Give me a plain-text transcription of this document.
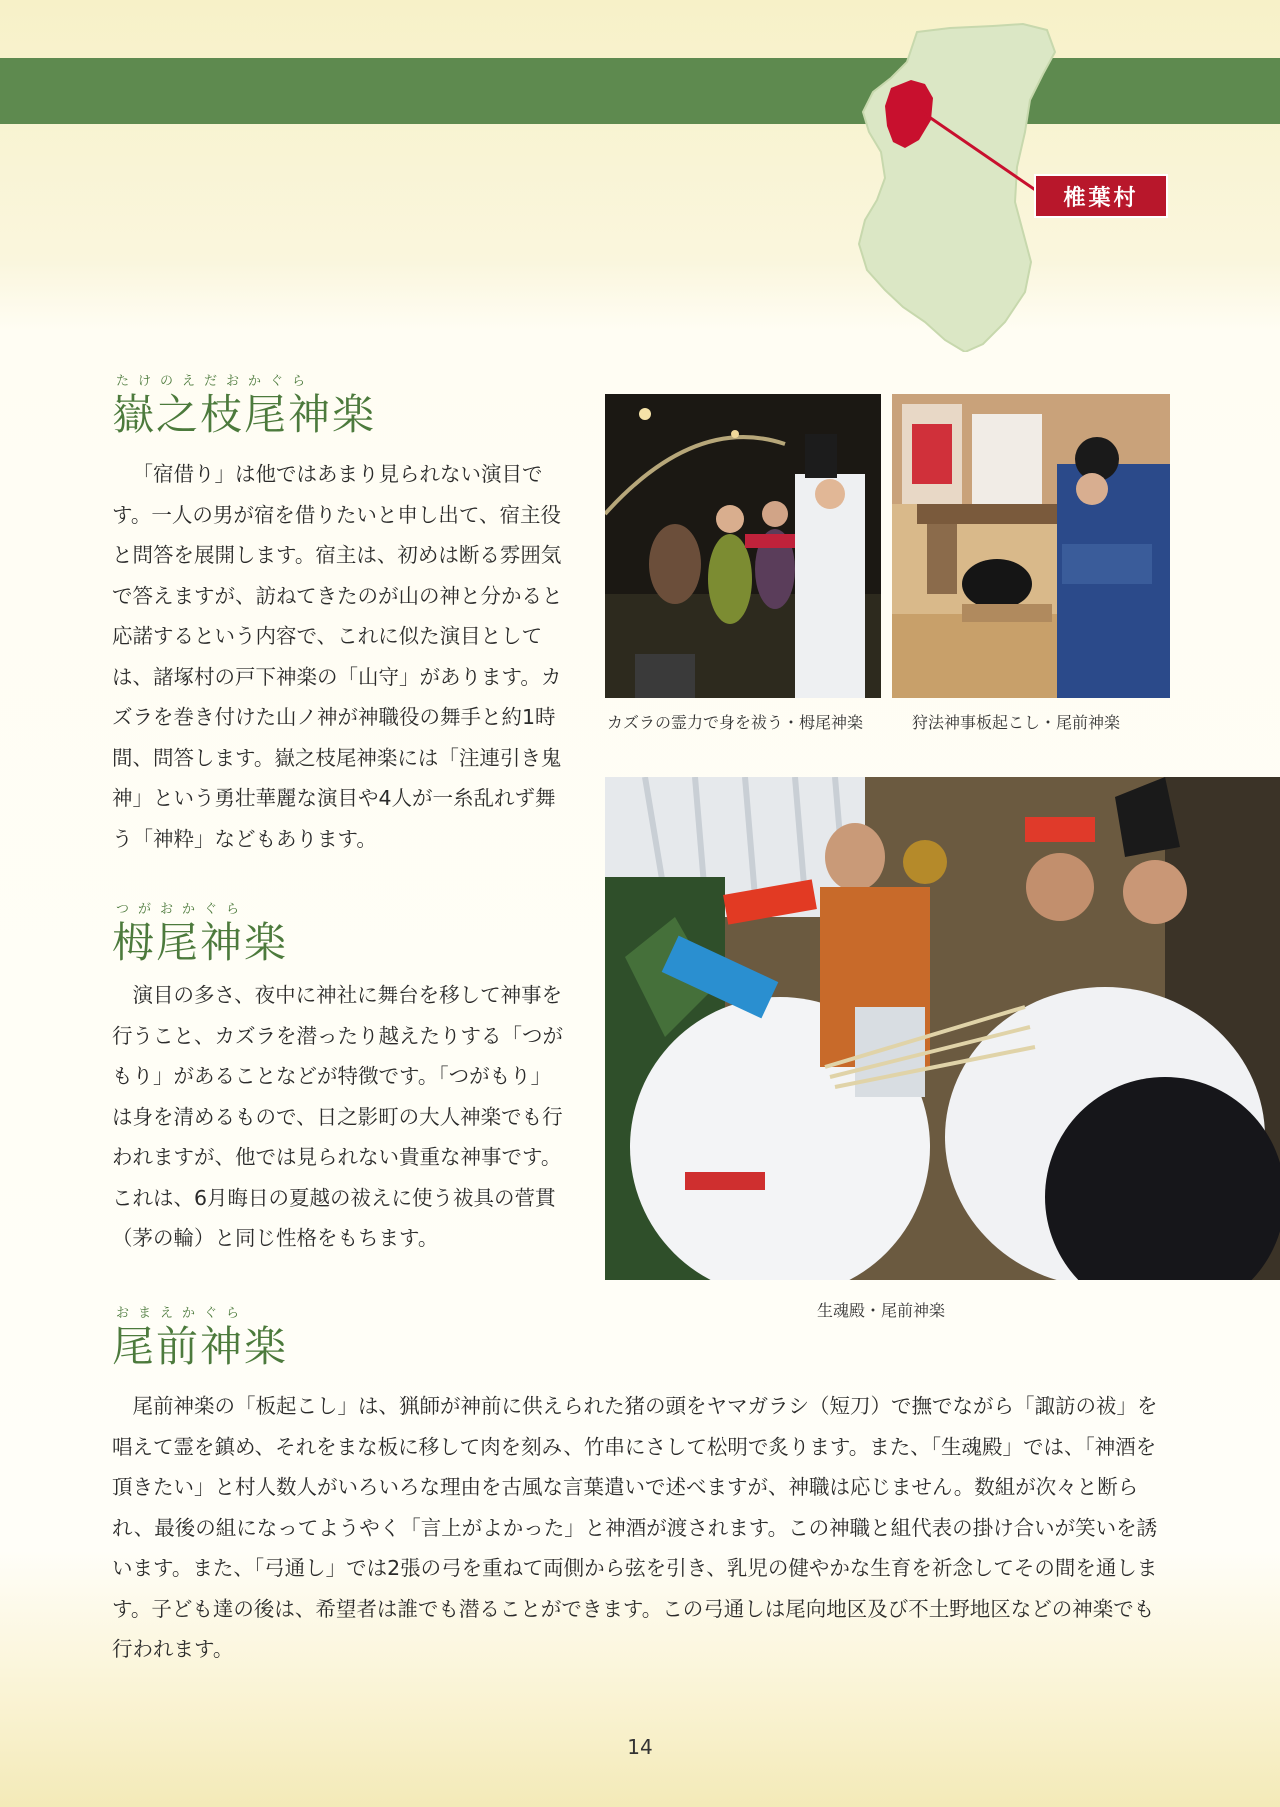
椎葉村
たけのえだおかぐら
嶽之枝尾神楽

「宿借り」は他ではあまり見られない演目です。一人の男が宿を借りたいと申し出て、宿主役と問答を展開します。宿主は、初めは断る雰囲気で答えますが、訪ねてきたのが山の神と分かると応諾するという内容で、これに似た演目としては、諸塚村の戸下神楽の「山守」があります。カズラを巻き付けた山ノ神が神職役の舞手と約1時間、問答します。嶽之枝尾神楽には「注連引き鬼神」という勇壮華麗な演目や4人が一糸乱れず舞う「神粋」などもあります。

つがおかぐら
栂尾神楽

演目の多さ、夜中に神社に舞台を移して神事を行うこと、カズラを潜ったり越えたりする「つがもり」があることなどが特徴です。「つがもり」は身を清めるもので、日之影町の大人神楽でも行われますが、他では見られない貴重な神事です。これは、6月晦日の夏越の祓えに使う祓具の菅貫（茅の輪）と同じ性格をもちます。

おまえかぐら
尾前神楽

尾前神楽の「板起こし」は、猟師が神前に供えられた猪の頭をヤマガラシ（短刀）で撫でながら「諏訪の祓」を唱えて霊を鎮め、それをまな板に移して肉を刻み、竹串にさして松明で炙ります。また、「生魂殿」では、「神酒を頂きたい」と村人数人がいろいろな理由を古風な言葉遣いで述べますが、神職は応じません。数組が次々と断られ、最後の組になってようやく「言上がよかった」と神酒が渡されます。この神職と組代表の掛け合いが笑いを誘います。また、「弓通し」では2張の弓を重ねて両側から弦を引き、乳児の健やかな生育を祈念してその間を通します。子ども達の後は、希望者は誰でも潜ることができます。この弓通しは尾向地区及び不土野地区などの神楽でも行われます。

カズラの霊力で身を祓う・栂尾神楽	狩法神事板起こし・尾前神楽
生魂殿・尾前神楽
14
